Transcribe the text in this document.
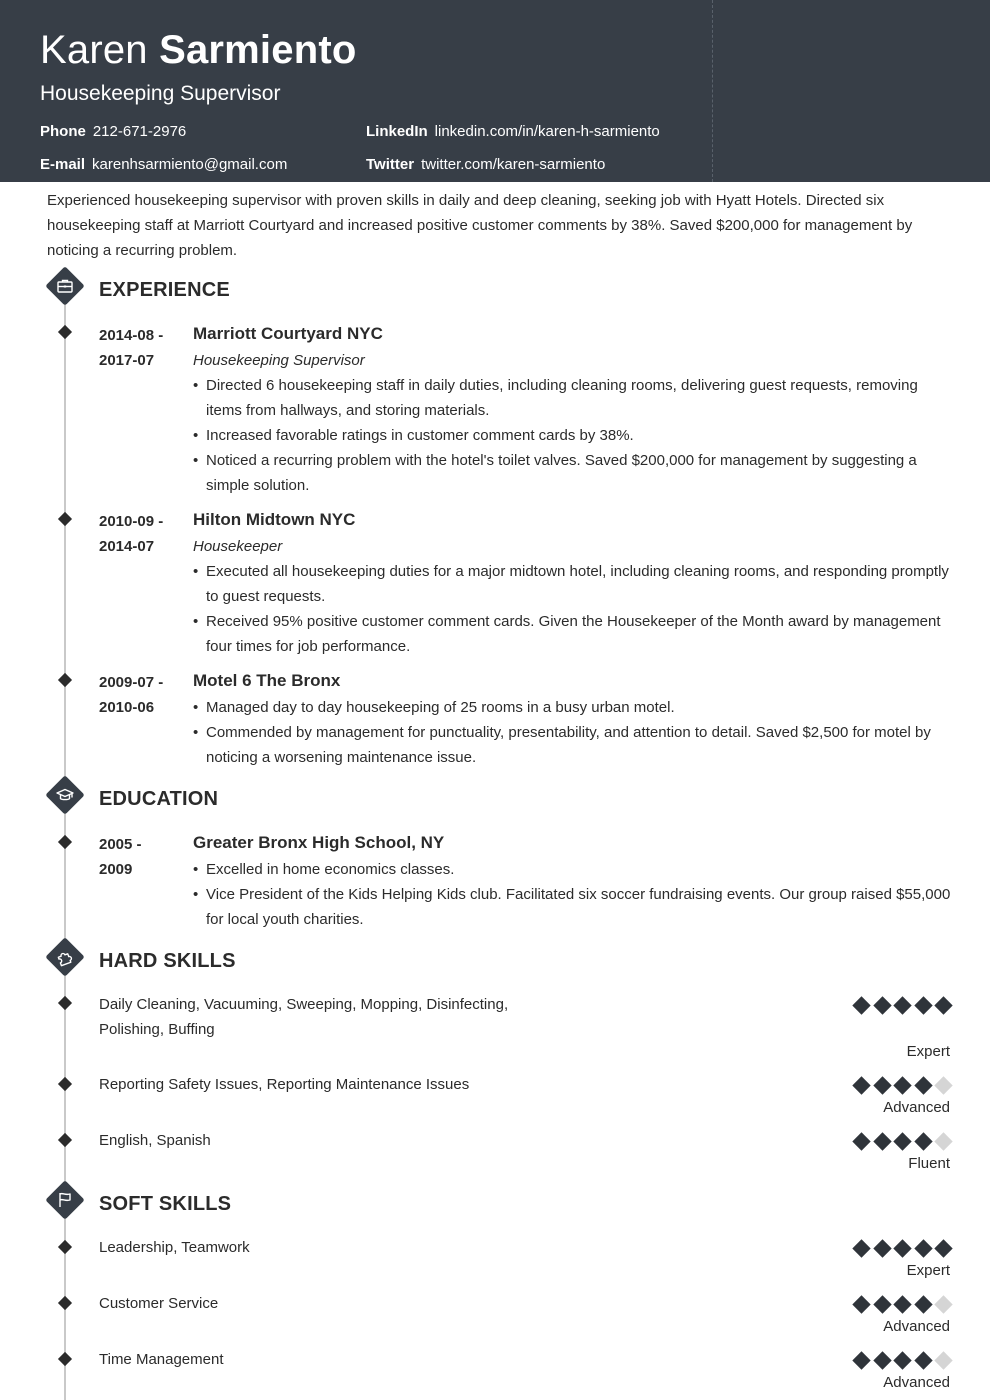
Karen Sarmiento
Housekeeping Supervisor
Phone 212-671-2976
E-mail karenhsarmiento@gmail.com
LinkedIn linkedin.com/in/karen-h-sarmiento
Twitter twitter.com/karen-sarmiento
Experienced housekeeping supervisor with proven skills in daily and deep cleaning, seeking job with Hyatt Hotels. Directed six housekeeping staff at Marriott Courtyard and increased positive customer comments by 38%. Saved $200,000 for management by noticing a recurring problem.
EXPERIENCE
2014-08 -
2017-07
Marriott Courtyard NYC
Housekeeping Supervisor
• Directed 6 housekeeping staff in daily duties, including cleaning rooms, delivering guest requests, removing items from hallways, and storing materials.
• Increased favorable ratings in customer comment cards by 38%.
• Noticed a recurring problem with the hotel's toilet valves. Saved $200,000 for management by suggesting a simple solution.
2010-09 -
2014-07
Hilton Midtown NYC
Housekeeper
• Executed all housekeeping duties for a major midtown hotel, including cleaning rooms, and responding promptly to guest requests.
• Received 95% positive customer comment cards. Given the Housekeeper of the Month award by management four times for job performance.
2009-07 -
2010-06
Motel 6 The Bronx
• Managed day to day housekeeping of 25 rooms in a busy urban motel.
• Commended by management for punctuality, presentability, and attention to detail. Saved $2,500 for motel by noticing a worsening maintenance issue.
EDUCATION
2005 -
2009
Greater Bronx High School, NY
• Excelled in home economics classes.
• Vice President of the Kids Helping Kids club. Facilitated six soccer fundraising events. Our group raised $55,000 for local youth charities.
HARD SKILLS
Daily Cleaning, Vacuuming, Sweeping, Mopping, Disinfecting, Polishing, Buffing
Expert
Reporting Safety Issues, Reporting Maintenance Issues
Advanced
English, Spanish
Fluent
SOFT SKILLS
Leadership, Teamwork
Expert
Customer Service
Advanced
Time Management
Advanced
